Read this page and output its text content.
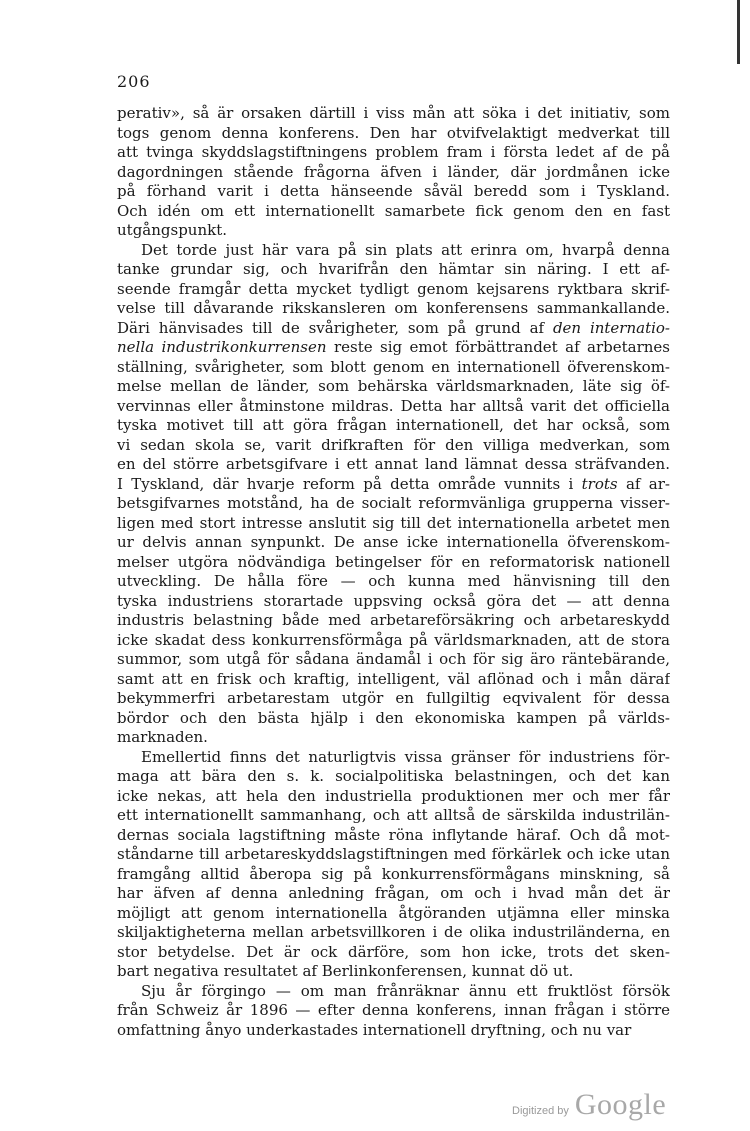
206
perativ», så är orsaken därtill i viss mån att söka i det initiativ, som
togs genom denna konferens. Den har otvifvelaktigt medverkat till
att tvinga skyddslagstiftningens problem fram i första ledet af de på
dagordningen stående frågorna äfven i länder, där jordmånen icke
på förhand varit i detta hänseende såväl beredd som i Tyskland.
Och idén om ett internationellt samarbete fick genom den en fast
utgångspunkt.
Det torde just här vara på sin plats att erinra om, hvarpå denna
tanke grundar sig, och hvarifrån den hämtar sin näring. I ett af-
seende framgår detta mycket tydligt genom kejsarens ryktbara skrif-
velse till dåvarande rikskansleren om konferensens sammankallande.
Däri hänvisades till de svårigheter, som på grund af den internatio-
nella industrikonkurrensen reste sig emot förbättrandet af arbetarnes
ställning, svårigheter, som blott genom en internationell öfverenskom-
melse mellan de länder, som behärska världsmarknaden, läte sig öf-
vervinnas eller åtminstone mildras. Detta har alltså varit det officiella
tyska motivet till att göra frågan internationell, det har också, som
vi sedan skola se, varit drifkraften för den villiga medverkan, som
en del större arbetsgifvare i ett annat land lämnat dessa sträfvanden.
I Tyskland, där hvarje reform på detta område vunnits i trots af ar-
betsgifvarnes motstånd, ha de socialt reformvänliga grupperna visser-
ligen med stort intresse anslutit sig till det internationella arbetet men
ur delvis annan synpunkt. De anse icke internationella öfverenskom-
melser utgöra nödvändiga betingelser för en reformatorisk nationell
utveckling. De hålla före — och kunna med hänvisning till den
tyska industriens storartade uppsving också göra det — att denna
industris belastning både med arbetareförsäkring och arbetareskydd
icke skadat dess konkurrensförmåga på världsmarknaden, att de stora
summor, som utgå för sådana ändamål i och för sig äro räntebärande,
samt att en frisk och kraftig, intelligent, väl aflönad och i mån däraf
bekymmerfri arbetarestam utgör en fullgiltig eqvivalent för dessa
bördor och den bästa hjälp i den ekonomiska kampen på världs-
marknaden.
Emellertid finns det naturligtvis vissa gränser för industriens för-
maga att bära den s. k. socialpolitiska belastningen, och det kan
icke nekas, att hela den industriella produktionen mer och mer får
ett internationellt sammanhang, och att alltså de särskilda industrilän-
dernas sociala lagstiftning måste röna inflytande häraf. Och då mot-
ståndarne till arbetareskyddslagstiftningen med förkärlek och icke utan
framgång alltid åberopa sig på konkurrensförmågans minskning, så
har äfven af denna anledning frågan, om och i hvad mån det är
möjligt att genom internationella åtgöranden utjämna eller minska
skiljaktigheterna mellan arbetsvillkoren i de olika industriländerna, en
stor betydelse. Det är ock därföre, som hon icke, trots det sken-
bart negativa resultatet af Berlinkonferensen, kunnat dö ut.
Sju år förgingo — om man frånräknar ännu ett fruktlöst försök
från Schweiz år 1896 — efter denna konferens, innan frågan i större
omfattning ånyo underkastades internationell dryftning, och nu var
Digitized by Google
